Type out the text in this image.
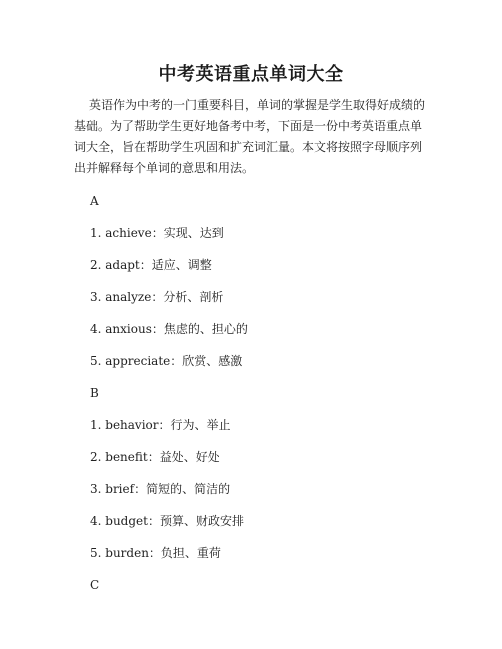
中考英语重点单词大全

英语作为中考的一门重要科目，单词的掌握是学生取得好成绩的基础。为了帮助学生更好地备考中考，下面是一份中考英语重点单词大全，旨在帮助学生巩固和扩充词汇量。本文将按照字母顺序列出并解释每个单词的意思和用法。

A
1. achieve：实现、达到
2. adapt：适应、调整
3. analyze：分析、剖析
4. anxious：焦虑的、担心的
5. appreciate：欣赏、感激
B
1. behavior：行为、举止
2. benefit：益处、好处
3. brief：简短的、简洁的
4. budget：预算、财政安排
5. burden：负担、重荷
C
